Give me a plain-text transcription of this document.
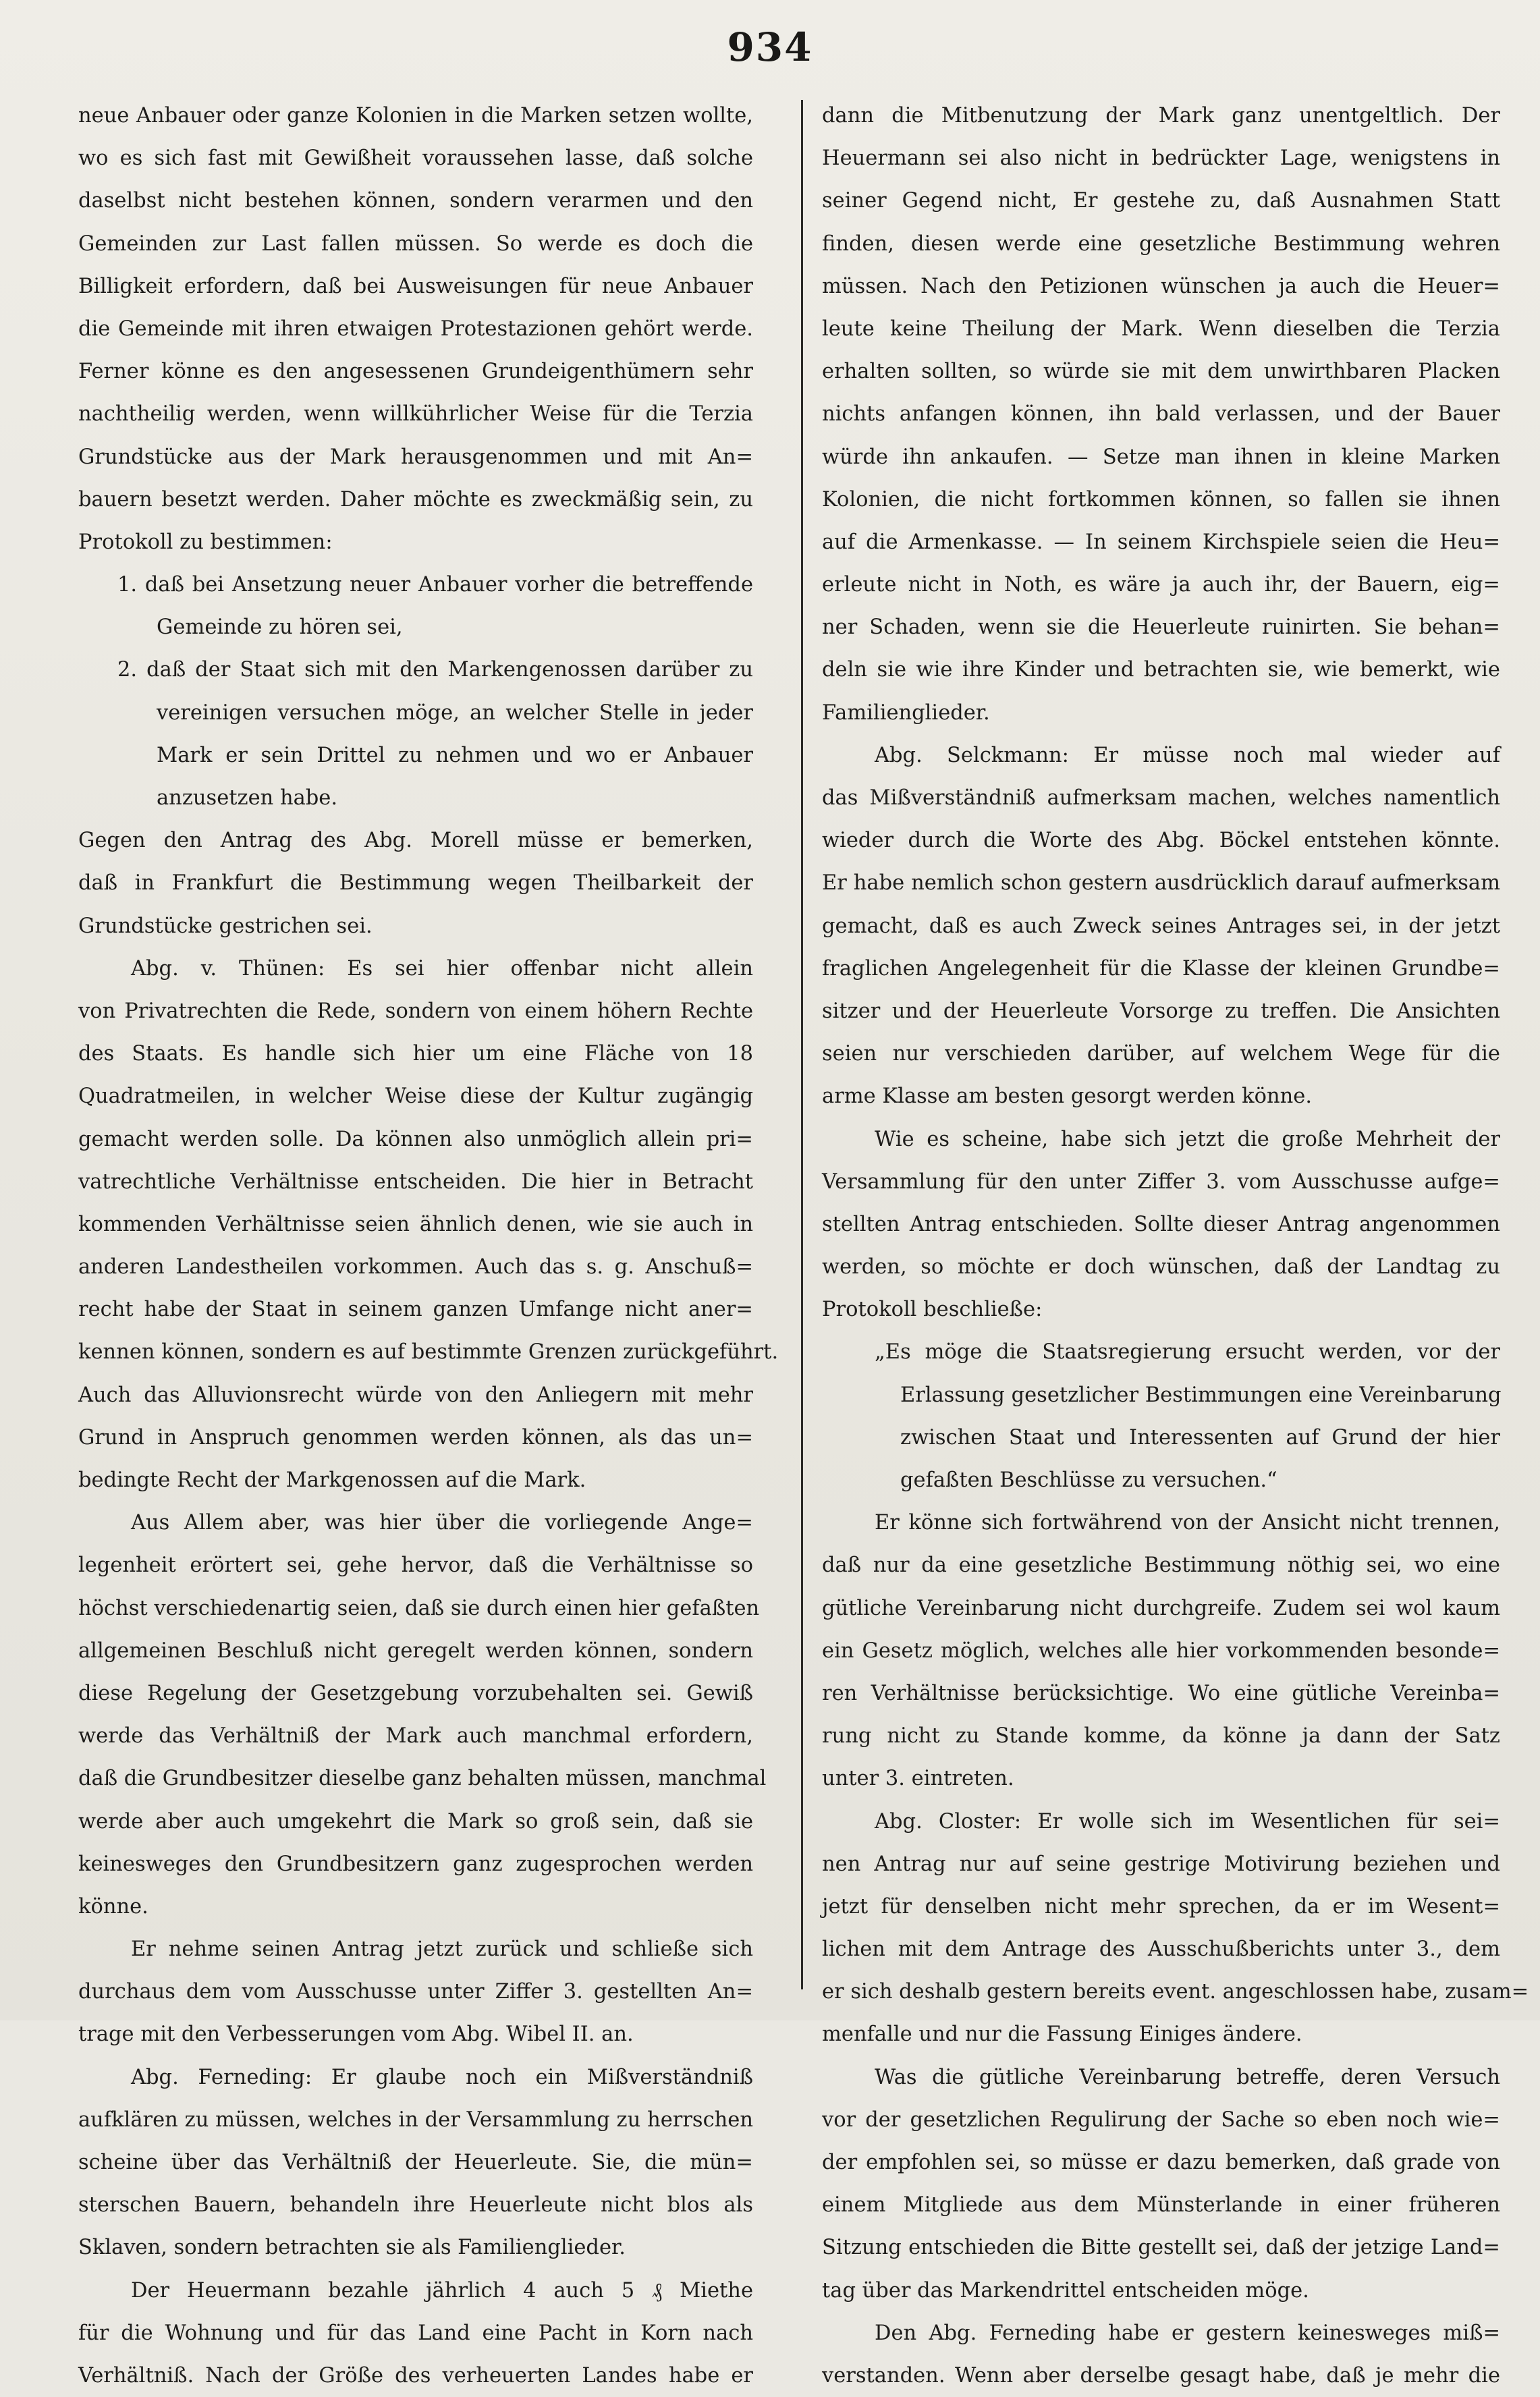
934
neue Anbauer oder ganze Kolonien in die Marken setzen wollte,
wo es sich fast mit Gewißheit voraussehen lasse, daß solche
daselbst nicht bestehen können, sondern verarmen und den
Gemeinden zur Last fallen müssen. So werde es doch die
Billigkeit erfordern, daß bei Ausweisungen für neue Anbauer
die Gemeinde mit ihren etwaigen Protestazionen gehört werde.
Ferner könne es den angesessenen Grundeigenthümern sehr
nachtheilig werden, wenn willkührlicher Weise für die Terzia
Grundstücke aus der Mark herausgenommen und mit An=
bauern besetzt werden. Daher möchte es zweckmäßig sein, zu
Protokoll zu bestimmen:
1. daß bei Ansetzung neuer Anbauer vorher die betreffende
Gemeinde zu hören sei,
2. daß der Staat sich mit den Markengenossen darüber zu
vereinigen versuchen möge, an welcher Stelle in jeder
Mark er sein Drittel zu nehmen und wo er Anbauer
anzusetzen habe.
Gegen den Antrag des Abg. Morell müsse er bemerken,
daß in Frankfurt die Bestimmung wegen Theilbarkeit der
Grundstücke gestrichen sei.
Abg. v. Thünen: Es sei hier offenbar nicht allein
von Privatrechten die Rede, sondern von einem höhern Rechte
des Staats. Es handle sich hier um eine Fläche von 18
Quadratmeilen, in welcher Weise diese der Kultur zugängig
gemacht werden solle. Da können also unmöglich allein pri=
vatrechtliche Verhältnisse entscheiden. Die hier in Betracht
kommenden Verhältnisse seien ähnlich denen, wie sie auch in
anderen Landestheilen vorkommen. Auch das s. g. Anschuß=
recht habe der Staat in seinem ganzen Umfange nicht aner=
kennen können, sondern es auf bestimmte Grenzen zurückgeführt.
Auch das Alluvionsrecht würde von den Anliegern mit mehr
Grund in Anspruch genommen werden können, als das un=
bedingte Recht der Markgenossen auf die Mark.
Aus Allem aber, was hier über die vorliegende Ange=
legenheit erörtert sei, gehe hervor, daß die Verhältnisse so
höchst verschiedenartig seien, daß sie durch einen hier gefaßten
allgemeinen Beschluß nicht geregelt werden können, sondern
diese Regelung der Gesetzgebung vorzubehalten sei. Gewiß
werde das Verhältniß der Mark auch manchmal erfordern,
daß die Grundbesitzer dieselbe ganz behalten müssen, manchmal
werde aber auch umgekehrt die Mark so groß sein, daß sie
keinesweges den Grundbesitzern ganz zugesprochen werden
könne.
Er nehme seinen Antrag jetzt zurück und schließe sich
durchaus dem vom Ausschusse unter Ziffer 3. gestellten An=
trage mit den Verbesserungen vom Abg. Wibel II. an.
Abg. Ferneding: Er glaube noch ein Mißverständniß
aufklären zu müssen, welches in der Versammlung zu herrschen
scheine über das Verhältniß der Heuerleute. Sie, die mün=
sterschen Bauern, behandeln ihre Heuerleute nicht blos als
Sklaven, sondern betrachten sie als Familienglieder.
Der Heuermann bezahle jährlich 4 auch 5 ₰ Miethe
für die Wohnung und für das Land eine Pacht in Korn nach
Verhältniß. Nach der Größe des verheuerten Landes habe er
dann die Mitbenutzung der Mark ganz unentgeltlich. Der
Heuermann sei also nicht in bedrückter Lage, wenigstens in
seiner Gegend nicht, Er gestehe zu, daß Ausnahmen Statt
finden, diesen werde eine gesetzliche Bestimmung wehren
müssen. Nach den Petizionen wünschen ja auch die Heuer=
leute keine Theilung der Mark. Wenn dieselben die Terzia
erhalten sollten, so würde sie mit dem unwirthbaren Placken
nichts anfangen können, ihn bald verlassen, und der Bauer
würde ihn ankaufen. — Setze man ihnen in kleine Marken
Kolonien, die nicht fortkommen können, so fallen sie ihnen
auf die Armenkasse. — In seinem Kirchspiele seien die Heu=
erleute nicht in Noth, es wäre ja auch ihr, der Bauern, eig=
ner Schaden, wenn sie die Heuerleute ruinirten. Sie behan=
deln sie wie ihre Kinder und betrachten sie, wie bemerkt, wie
Familienglieder.
Abg. Selckmann: Er müsse noch mal wieder auf
das Mißverständniß aufmerksam machen, welches namentlich
wieder durch die Worte des Abg. Böckel entstehen könnte.
Er habe nemlich schon gestern ausdrücklich darauf aufmerksam
gemacht, daß es auch Zweck seines Antrages sei, in der jetzt
fraglichen Angelegenheit für die Klasse der kleinen Grundbe=
sitzer und der Heuerleute Vorsorge zu treffen. Die Ansichten
seien nur verschieden darüber, auf welchem Wege für die
arme Klasse am besten gesorgt werden könne.
Wie es scheine, habe sich jetzt die große Mehrheit der
Versammlung für den unter Ziffer 3. vom Ausschusse aufge=
stellten Antrag entschieden. Sollte dieser Antrag angenommen
werden, so möchte er doch wünschen, daß der Landtag zu
Protokoll beschließe:
„Es möge die Staatsregierung ersucht werden, vor der
Erlassung gesetzlicher Bestimmungen eine Vereinbarung
zwischen Staat und Interessenten auf Grund der hier
gefaßten Beschlüsse zu versuchen.“
Er könne sich fortwährend von der Ansicht nicht trennen,
daß nur da eine gesetzliche Bestimmung nöthig sei, wo eine
gütliche Vereinbarung nicht durchgreife. Zudem sei wol kaum
ein Gesetz möglich, welches alle hier vorkommenden besonde=
ren Verhältnisse berücksichtige. Wo eine gütliche Vereinba=
rung nicht zu Stande komme, da könne ja dann der Satz
unter 3. eintreten.
Abg. Closter: Er wolle sich im Wesentlichen für sei=
nen Antrag nur auf seine gestrige Motivirung beziehen und
jetzt für denselben nicht mehr sprechen, da er im Wesent=
lichen mit dem Antrage des Ausschußberichts unter 3., dem
er sich deshalb gestern bereits event. angeschlossen habe, zusam=
menfalle und nur die Fassung Einiges ändere.
Was die gütliche Vereinbarung betreffe, deren Versuch
vor der gesetzlichen Regulirung der Sache so eben noch wie=
der empfohlen sei, so müsse er dazu bemerken, daß grade von
einem Mitgliede aus dem Münsterlande in einer früheren
Sitzung entschieden die Bitte gestellt sei, daß der jetzige Land=
tag über das Markendrittel entscheiden möge.
Den Abg. Ferneding habe er gestern keinesweges miß=
verstanden. Wenn aber derselbe gesagt habe, daß je mehr die
